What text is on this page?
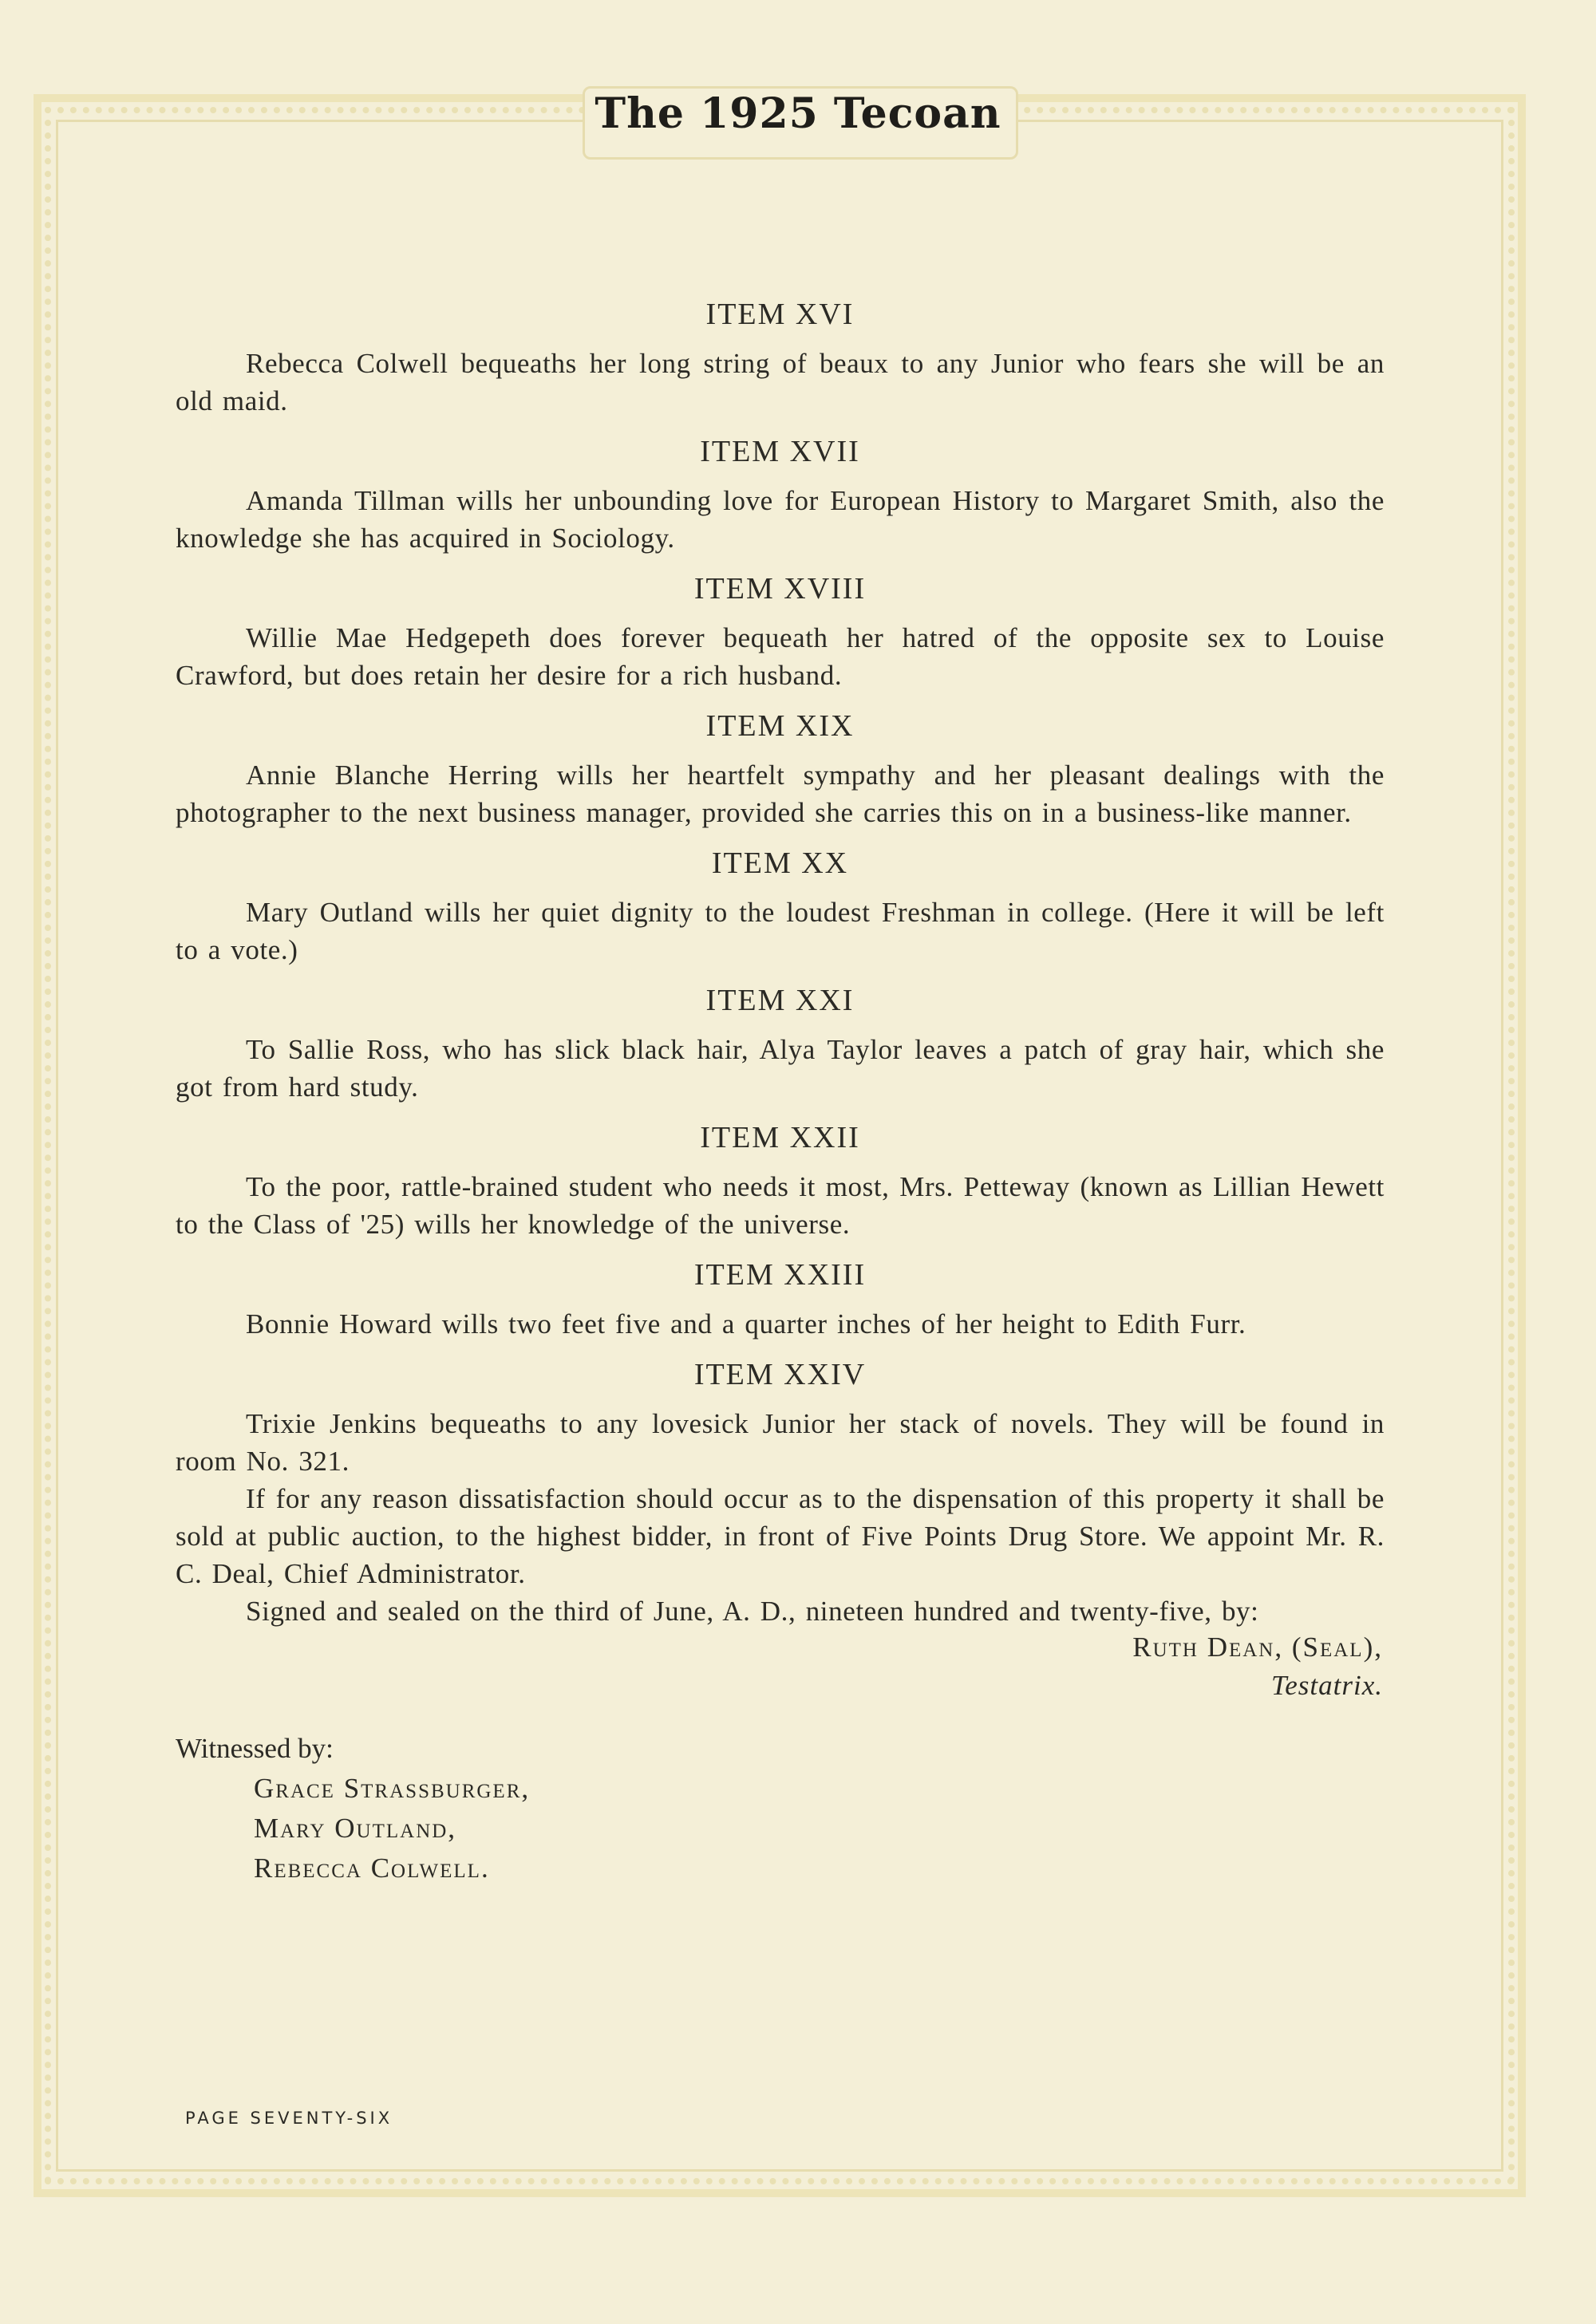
The 1925 Tecoan
ITEM XVI

Rebecca Colwell bequeaths her long string of beaux to any Junior who fears she will be an old maid.

ITEM XVII

Amanda Tillman wills her unbounding love for European History to Margaret Smith, also the knowledge she has acquired in Sociology.

ITEM XVIII

Willie Mae Hedgepeth does forever bequeath her hatred of the opposite sex to Louise Crawford, but does retain her desire for a rich husband.

ITEM XIX

Annie Blanche Herring wills her heartfelt sympathy and her pleasant dealings with the photographer to the next business manager, provided she carries this on in a business-like manner.

ITEM XX

Mary Outland wills her quiet dignity to the loudest Freshman in college. (Here it will be left to a vote.)

ITEM XXI

To Sallie Ross, who has slick black hair, Alya Taylor leaves a patch of gray hair, which she got from hard study.

ITEM XXII

To the poor, rattle-brained student who needs it most, Mrs. Petteway (known as Lillian Hewett to the Class of '25) wills her knowledge of the universe.

ITEM XXIII

Bonnie Howard wills two feet five and a quarter inches of her height to Edith Furr.

ITEM XXIV

Trixie Jenkins bequeaths to any lovesick Junior her stack of novels. They will be found in room No. 321.

If for any reason dissatisfaction should occur as to the dispensation of this property it shall be sold at public auction, to the highest bidder, in front of Five Points Drug Store. We appoint Mr. R. C. Deal, Chief Administrator.

Signed and sealed on the third of June, A. D., nineteen hundred and twenty-five, by:

Ruth Dean, (Seal),
Testatrix.
Witnessed by:
Grace Strassburger,
Mary Outland,
Rebecca Colwell.
PAGE SEVENTY-SIX
